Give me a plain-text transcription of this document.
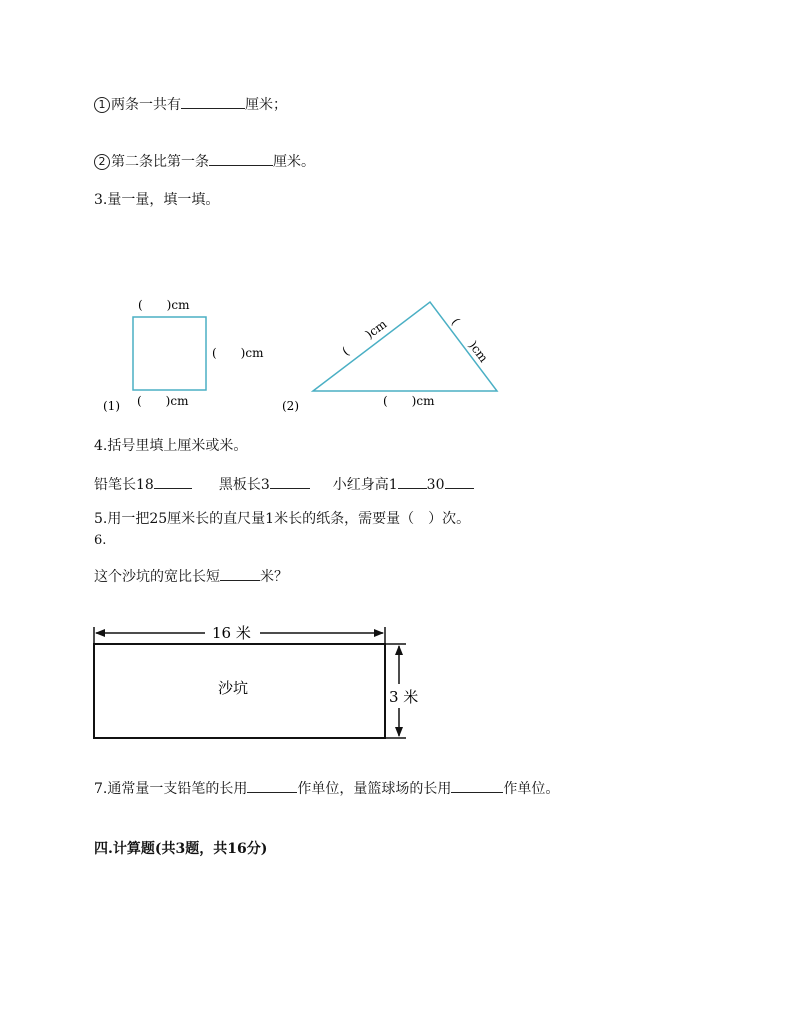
1 两条一共有	厘米；
2 第二条比第一条	厘米。
3.量一量，填一填。
(　　)cm
(　　)cm
(　　)cm
(1)
(　　)cm	(　　)cm
(　　)cm
(2)
16 米
3 米
沙坑
4.括号里填上厘米或米。
铅笔长18	黑板长3	小红身高1 30
5.用一把25厘米长的直尺量1米长的纸条，需要量（　）次。
6.
这个沙坑的宽比长短	米？
7.通常量一支铅笔的长用	作单位，量篮球场的长用	作单位。
四.计算题(共3题，共16分)
